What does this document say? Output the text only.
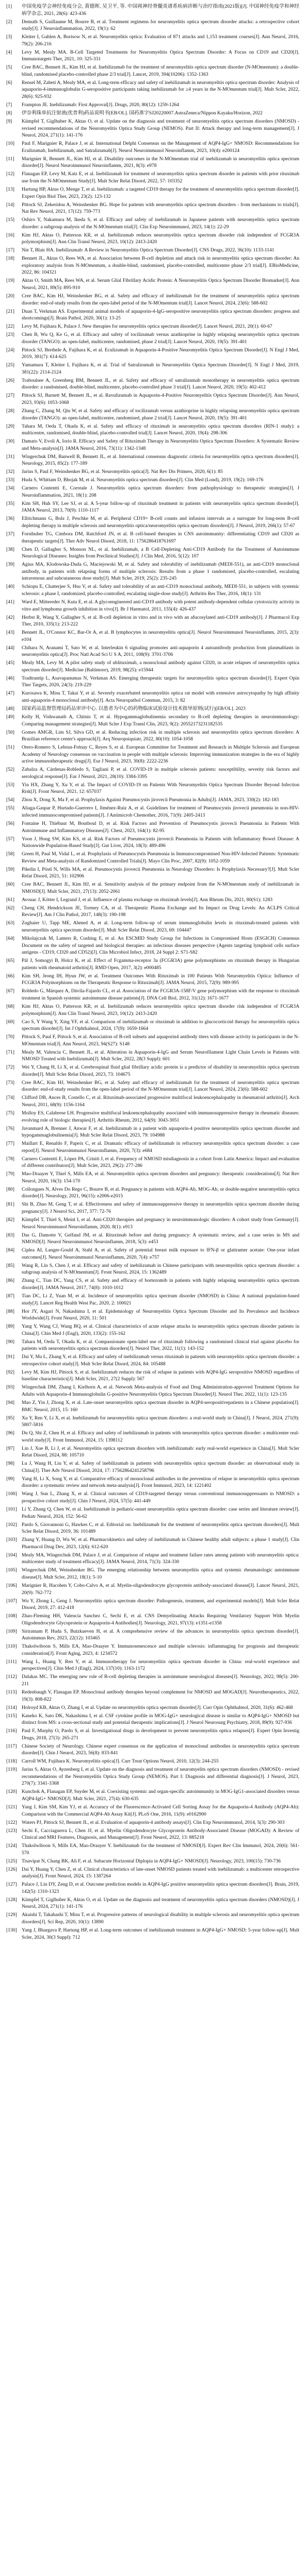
[1]	中国免疫学会神经免疫分会, 黄德晖, 吴卫平, 等. 中国视神经脊髓炎谱系疾病诊断与治疗指南(2021版)[J]. 中国神经免疫学和神经病学杂志, 2021, 28(6): 423-436
[2]	Demuth S, Guillaume M, Bourre B, et al. Treatment regimens for neuromyelitis optica spectrum disorder attacks: a retrospective cohort study[J]. J Neuroinflammation, 2022, 19(1): 62
[3]	Kleiter I, Gahlen A, Borisow N, et al. Neuromyelitis optica: Evaluation of 871 attacks and 1,153 treatment courses[J]. Ann Neurol, 2016, 79(2): 206-216
[4]	Levy M, Mealy MA. B-Cell Targeted Treatments for Neuromyelitis Optica Spectrum Disorder: A Focus on CD19 and CD20[J]. Immunotargets Ther, 2021, 10: 325-331
[5]	Cree BAC, Bennett JL, Kim HJ, et al. Inebilizumab for the treatment of neuromyelitis optica spectrum disorder (N-MOmentum): a double-blind, randomised placebo-controlled phase 2/3 trial[J]. Lancet, 2019, 394(10206): 1352-1363
[6]	Rensel M, Zabeti A, Mealy MA, et al. Long-term efficacy and safety of inebilizumab in neuromyelitis optica spectrum disorder: Analysis of aquaporin-4-immunoglobulin G-seropositive participants taking inebilizumab for ≥4 years in the N-MOmentum trial[J]. Mult Scler, 2022, 28(6): 925-932
[7]	Frampton JE. Inebilizumab: First Approval[J]. Drugs, 2020, 80(12): 1259-1264
[8]	伊奈利珠单抗注射液(优普利)药品说明书[EB/OL]. 国药准字SJ20220007.AstraZeneca/Nippon Kayaku/Horizon, 2022
[9]	Kümpfel T, Giglhuber K, Aktas O, et al. Update on the diagnosis and treatment of neuromyelitis optica spectrum disorders (NMOSD) - revised recommendations of the Neuromyelitis Optica Study Group (NEMOS). Part II: Attack therapy and long-term management[J]. J Neurol, 2024, 271(1): 141-176
[10]	Paul F, Marignier R, Palace J, et al. International Delphi Consensus on the Management of AQP4-IgG+ NMOSD: Recommendations for Eculizumab, Inebilizumab, and Satralizumab[J]. Neurol Neuroimmunol Neuroinflamm, 2023, 10(4): e200124
[11]	Marignier R, Bennett JL, Kim HJ, et al. Disability outcomes in the N-MOmentum trial of inebilizumab in neuromyelitis optica spectrum disorder[J]. Neurol Neuroimmunol Neuroinflamm, 2021, 8(3): e978
[12]	Flanagan EP, Levy M, Katz E, et al. Inebilizumab for treatment of neuromyelitis optica spectrum disorder in patients with prior rituximab use from the N-MOmentum Study[J]. Mult Scler Relat Disord, 2022, 57: 103352
[13]	Hartung HP, Aktas O, Menge T, et al. Inebilizumab: a targeted CD19 therapy for the treatment of neuromyelitis optica spectrum disorder[J]. Expert Opin Biol Ther, 2023, 23(2): 123-132
[14]	Pittock SJ, Zekeridou A, Weinshenker BG. Hope for patients with neuromyelitis optica spectrum disorders - from mechanisms to trials[J]. Nat Rev Neurol, 2021, 17(12): 759-773
[15]	Oshiro Y, Nakamura M, Ikeda S, et al. Efficacy and safety of inebilizumab in Japanese patients with neuromyelitis optica spectrum disorder: a subgroup analysis of the N-MOmentum trial[J]. Clin Exp Neuroimmunol, 2023, 14(1): 22-29
[16]	Kim HJ, Aktas O, Patterson KR, et al. Inebilizumab reduces neuromyelitis optica spectrum disorder risk independent of FCGR3A polymorphism[J]. Ann Clin Transl Neurol, 2023, 10(12): 2413-2420
[17]	Nie T, Blair HA. Inebilizumab: A Review in Neuromyelitis Optica Spectrum Disorder[J]. CNS Drugs, 2022, 36(10): 1133-1141
[18]	Bennett JL, Aktas O, Rees WA, et al. Association between B-cell depletion and attack risk in neuromyelitis optica spectrum disorder: An exploratory analysis from N-MOmentum, a double-blind, randomised, placebo-controlled, multicentre phase 2/3 trial[J]. EBioMedicine, 2022, 86: 104321
[19]	Aktas O, Smith MA, Rees WA, et al. Serum Glial Fibrillary Acidic Protein: A Neuromyelitis Optica Spectrum Disorder Biomarker[J]. Ann Neurol, 2021, 89(5): 895-910
[20]	Cree BAC, Kim HJ, Weinshenker BG, et al. Safety and efficacy of inebilizumab for the treatment of neuromyelitis optica spectrum disorder: end-of-study results from the open-label period of the N-MOmentum trial[J]. Lancet Neurol, 2024, 23(6): 588-602
[21]	Duan T, Verkman AS. Experimental animal models of aquaporin-4-IgG-seropositive neuromyelitis optica spectrum disorders: progress and shortcomings[J]. Brain Pathol, 2020, 30(1): 13-25
[22]	Levy M, Fujihara K, Palace J. New therapies for neuromyelitis optica spectrum disorder[J]. Lancet Neurol, 2021, 20(1): 60-67
[23]	Chen B, Wu Q, Ke G, et al. Efficacy and safety of tocilizumab versus azathioprine in highly relapsing neuromyelitis optica spectrum disorder (TANGO): an open-label, multicentre, randomised, phase 2 trial[J]. Lancet Neurol, 2020, 19(5): 391-401
[24]	Pittock SJ, Berthele A, Fujihara K, et al. Eculizumab in Aquaporin-4-Positive Neuromyelitis Optica Spectrum Disorder[J]. N Engl J Med, 2019, 381(7): 614-625
[25]	Yamamura T, Kleiter I, Fujihara K, et al. Trial of Satralizumab in Neuromyelitis Optica Spectrum Disorder[J]. N Engl J Med, 2019, 381(22): 2114-2124
[26]	Traboulsee A, Greenberg BM, Bennett JL, et al. Safety and efficacy of satralizumab monotherapy in neuromyelitis optica spectrum disorder: a randomised, double-blind, multicentre, placebo-controlled phase 3 trial[J]. Lancet Neurol, 2020, 19(5): 402-412
[27]	Pittock SJ, Barnett M, Bennett JL, et al. Ravulizumab in Aquaporin-4-Positive Neuromyelitis Optica Spectrum Disorder[J]. Ann Neurol, 2023, 93(6): 1053-1068
[28]	Zhang C, Zhang M, Qiu W, et al. Safety and efficacy of tocilizumab versus azathioprine in highly relapsing neuromyelitis optica spectrum disorder (TANGO): an open-label, multicentre, randomised, phase 2 trial[J]. Lancet Neurol, 2020, 19(5): 391-401
[29]	Tahara M, Oeda T, Okada K, et al. Safety and efficacy of rituximab in neuromyelitis optica spectrum disorders (RIN-1 study): a multicentre, randomised, double-blind, placebo-controlled trial[J]. Lancet Neurol, 2020, 19(4): 298-306
[30]	Damato V, Evoli A, Iorio R. Efficacy and Safety of Rituximab Therapy in Neuromyelitis Optica Spectrum Disorders: A Systematic Review and Meta-analysis[J]. JAMA Neurol, 2016, 73(11): 1342-1348
[31]	Wingerchuk DM, Banwell B, Bennett JL, et al. International consensus diagnostic criteria for neuromyelitis optica spectrum disorders[J]. Neurology, 2015, 85(2): 177-189
[32]	Jarius S, Paul F, Weinshenker BG, et al. Neuromyelitis optica[J]. Nat Rev Dis Primers, 2020, 6(1): 85
[33]	Huda S, Whittam D, Bhojak M, et al. Neuromyelitis optica spectrum disorders[J]. Clin Med (Lond), 2019, 19(2): 169-176
[34]	Carnero Contentti E, Correale J. Neuromyelitis optica spectrum disorders: from pathophysiology to therapeutic strategies[J]. J Neuroinflammation, 2021, 18(1): 208
[35]	Kim SH, Huh SY, Lee SJ, et al. A 5-year follow-up of rituximab treatment in patients with neuromyelitis optica spectrum disorder[J]. JAMA Neurol, 2013, 70(9): 1110-1117
[36]	Ellrichmann G, Bolz J, Peschke M, et al. Peripheral CD19+ B-cell counts and infusion intervals as a surrogate for long-term B-cell depleting therapy in multiple sclerosis and neuromyelitis optica/neuromyelitis optica spectrum disorders[J]. J Neurol, 2019, 266(1): 57-67
[37]	Forsthuber TG, Cimbora DM, Ratchford JN, et al. B cell-based therapies in CNS autoimmunity: differentiating CD19 and CD20 as therapeutic targets[J]. Ther Adv Neurol Disord, 2018, 11: 1756286418761697
[38]	Chen D, Gallagher S, Monson NL, et al. Inebilizumab, a B Cell-Depleting Anti-CD19 Antibody for the Treatment of Autoimmune Neurological Diseases: Insights from Preclinical Studies[J]. J Clin Med, 2016, 5(12): 107
[39]	Agius MA, Klodowska-Duda G, Maciejowski M, et al. Safety and tolerability of inebilizumab (MEDI-551), an anti-CD19 monoclonal antibody, in patients with relapsing forms of multiple sclerosis: Results from a phase 1 randomised, placebo-controlled, escalating intravenous and subcutaneous dose study[J]. Mult Scler, 2019, 25(2): 235-245
[40]	Schiopu E, Chatterjee S, Hsu V, et al. Safety and tolerability of an anti-CD19 monoclonal antibody, MEDI-551, in subjects with systemic sclerosis: a phase I, randomized, placebo-controlled, escalating single-dose study[J]. Arthritis Res Ther, 2016, 18(1): 131
[41]	Ward E, Mittereder N, Kuta E, et al. A glycoengineered anti-CD19 antibody with potent antibody-dependent cellular cytotoxicity activity in vitro and lymphoma growth inhibition in vivo[J]. Br J Haematol, 2011, 155(4): 426-437
[42]	Herbst R, Wang Y, Gallagher S, et al. B-cell depletion in vitro and in vivo with an afucosylated anti-CD19 antibody[J]. J Pharmacol Exp Ther, 2010, 335(1): 213-222
[43]	Bennett JL, O'Connor KC, Bar-Or A, et al. B lymphocytes in neuromyelitis optica[J]. Neurol Neuroimmunol Neuroinflamm, 2015, 2(3): e104
[44]	Chihara N, Aranami T, Sato W, et al. Interleukin 6 signaling promotes anti-aquaporin 4 autoantibody production from plasmablasts in neuromyelitis optica[J]. Proc Natl Acad Sci U S A, 2011, 108(9): 3701-3706
[45]	Mealy MA, Levy M. A pilot safety study of ublituximab, a monoclonal antibody against CD20, in acute relapses of neuromyelitis optica spectrum disorder[J]. Medicine (Baltimore), 2019, 98(25): e15944
[46]	Tradtrantip L, Asavapanumas N, Verkman AS. Emerging therapeutic targets for neuromyelitis optica spectrum disorder[J]. Expert Opin Ther Targets, 2020, 24(3): 219-229
[47]	Kurosawa K, Misu T, Takai Y, et al. Severely exacerbated neuromyelitis optica rat model with extensive astrocytopathy by high affinity anti-aquaporin-4 monoclonal antibody[J]. Acta Neuropathol Commun, 2015, 3: 82
[48]	国家药品监督管理局药品审评中心. 以患者为中心的药物临床试验设计技术指导原则(试行)[EB/OL]. 2023
[49]	Kelly H, Vishwanath A, Chitnis T, et al. Hypogammaglobulinemia secondary to B-cell depleting therapies in neuroimmunology: Comparing management strategies[J]. Mult Scler J Exp Transl Clin, 2023, 9(2): 20552173231182535
[50]	Gomes AMGR, Lim SJ, Silva GD, et al. Reducing infection risk in multiple sclerosis and neuromyelitis optica spectrum disorders: A Brazilian reference center's approach[J]. Arq Neuropsiquiatr, 2022, 80(10): 1054-1058
[51]	Otero-Romero S, Lebrun-Frénay C, Reyes S, et al. European Committee for Treatment and Research in Multiple Sclerosis and European Academy of Neurology consensus on vaccination in people with multiple sclerosis: Improving immunization strategies in the era of highly active immunotherapeutic drugs[J]. Eur J Neurol, 2023, 30(8): 2222-2236
[52]	Zabalza A, Cárdenas-Robledo S, Tagliani P, et al. COVID-19 in multiple sclerosis patients: susceptibility, severity risk factors and serological response[J]. Eur J Neurol, 2021, 28(10): 3384-3395
[53]	Yin HX, Zhang Y, Xu Y, et al. The Impact of COVID-19 on Patients With Neuromyelitis Optica Spectrum Disorder Beyond Infection Risk[J]. Front Neurol, 2021, 12: 657037
[54]	Zhou X, Dong X, Ma F, et al. Prophylaxis Against Pneumocystis jirovecii Pneumonia in Adults[J]. JAMA, 2023, 330(2): 182-183
[55]	Aliaga-Gaspar P, Hurtado-Guerrero I, Jiménez-Ruiz A, et al. Guidelines for treatment of Pneumocystis jirovecii pneumonia in non-HIV-infected immunocompromised patients[J]. J Antimicrob Chemother, 2016, 71(9): 2405-2413
[56]	Fontaine H, Thiébaut M, Boutboul D, et al. Risk Factors and Prevention of Pneumocystis jirovecii Pneumonia in Patients With Autoimmune and Inflammatory Diseases[J]. Chest, 2023, 164(1): 82-95
[57]	Yoon J, Hong SW, Kim KS, et al. Risk Factors of Pneumocystis jirovecii Pneumonia in Patients with Inflammatory Bowel Disease: A Nationwide Population-Based Study[J]. Gut Liver, 2024, 18(3): 489-496
[58]	Green H, Paul M, Vidal L, et al. Prophylaxis of Pneumocystis Pneumonia in Immunocompromised Non-HIV-Infected Patients: Systematic Review and Meta-analysis of Randomized Controlled Trials[J]. Mayo Clin Proc, 2007, 82(9): 1052-1059
[59]	Pikelin I, Pöstl N, Wills MA, et al. Pneumocystis jirovecii Pneumonia in Neurology Disorders: Is Prophylaxis Necessary?[J]. Mult Scler Relat Disord, 2021, 51: 102906
[60]	Cree BAC, Bennett JL, Kim HJ, et al. Sensitivity analysis of the primary endpoint from the N-MOmentum study of inebilizumab in NMOSD[J]. Mult Scler, 2021, 27(13): 2052-2061
[61]	Avouac J, Kötter I, Legrand J, et al. Influence of plasma exchange on rituximab levels[J]. Ann Rheum Dis, 2021, 80(S1): 1283
[62]	Cheng CH, Hendrickson JE, Tormey CA, et al. Therapeutic Plasma Exchange and Its Impact on Drug Levels: An ACLPS Critical Review[J]. Am J Clin Pathol, 2017, 148(3): 190-198
[63]	Zughaier U, Tapp ME, Ahmed A, et al. Long-term follow-up of serum immunoglobulin levels in rituximab-treated patients with neuromyelitis optica spectrum disorder[J]. Mult Scler Relat Disord, 2023, 69: 104447
[64]	Mikolajczak M, Lamers R, Cushing E, et al. An ESCMID Study Group for Infections in Compromised Hosts (ESGICH) Consensus Document on the safety of targeted and biological therapies: an infectious diseases perspective (Agents targeting lymphoid cells surface antigens - CD19, CD20 and CD52)[J]. Clin Microbiol Infect, 2018, 24 Suppl 2: S71-S82
[65]	Pál J, Somogyi B, Holcz K, et al. Effect of Fcgamma-receptor 3a (FCGR3A) gene polymorphisms on rituximab therapy in Hungarian patients with rheumatoid arthritis[J]. RMD Open, 2017, 3(2): e000485
[66]	Kim SH, Jeong IH, Hyun JW, et al. Treatment Outcomes With Rituximab in 100 Patients With Neuromyelitis Optica: Influence of FCGR3A Polymorphisms on the Therapeutic Response to Rituximab[J]. JAMA Neurol, 2015, 72(9): 989-995
[67]	Robledo G, Márquez A, Dávila-Fajardo CL, et al. Association of the FCGR3A-158F/V gene polymorphism with the response to rituximab treatment in Spanish systemic autoimmune disease patients[J]. DNA Cell Biol, 2012, 31(12): 1671-1677
[68]	Kim HJ, Aktas O, Patterson KR, et al. Inebilizumab reduces neuromyelitis optica spectrum disorder risk independent of FCGR3A polymorphism[J]. Ann Clin Transl Neurol, 2023, 10(12): 2413-2420
[69]	Cao S, Y Wang Y, Xing YF, et al. Comparison of inebilizumab or rituximab in addition to glucocorticoid therapy for neuromyelitis optica spectrum disorder[J]. Int J Ophthalmol, 2024, 17(9): 1659-1664
[70]	Pittock S, Paul F, Pittock S, et al. Association of B-cell subsets and aquaporin4 antibody titers with disease activity in participants in the N-MOmentum trial[J]. Ann Neurol, 2023, 94(S27): S148
[71]	Mealy M, Valencia C, Bennett JL, et al. Alteration in Aquaporin-4-IgG and Serum Neurofilament Light Chain Levels in Patients with NMOSD Treated with Inebilizumab[J]. Mult Scler, 2022, 28(3 Suppl): 601
[72]	Wei Y, Chang H, Li X, et al. Cerebrospinal fluid glial fibrillary acidic protein is a predictor of disability in neuromyelitis optica spectrum disorder[J]. Mult Scler Relat Disord, 2023, 73: 104675
[73]	Cree BAC, Kim HJ, Weinshenker BG, et al. Safety and efficacy of inebilizumab for the treatment of neuromyelitis optica spectrum disorder: end-of-study results from the open-label period of the N-MOmentum trial[J]. Lancet Neurol, 2024, 23(6): 588-602
[74]	Clifford DB, Ances B, Costello C, et al. Rituximab-associated progressive multifocal leukoencephalopathy in rheumatoid arthritis[J]. Arch Neurol, 2011, 68(9): 1156-1164
[75]	Molloy ES, Calabrese LH. Progressive multifocal leukoencephalopathy associated with immunosuppressive therapy in rheumatic diseases: evolving role of biologic therapies[J]. Arthritis Rheum, 2012, 64(9): 3043-3051
[76]	Javanmard A, Brenner J, Anwar F, et al. Inebilizumab in a patient with aquaporin-4 positive neuromyelitis optica spectrum disorder and hypogammaglobulinemia[J]. Mult Scler Relat Disord, 2023, 79: 104988
[77]	Maillart E, Renaldo F, Papeix C, et al. Dramatic efficacy of inebilizumab in refractory neuromyelitis optica spectrum disorder: a case report[J]. Neurol Neuroimmunol Neuroinflamm, 2020, 7(3): e684
[78]	Carnero Contentti E, López PA, Criniti J, et al. Frequency of NMOSD misdiagnosis in a cohort from Latin America: Impact and evaluation of different contributors[J]. Mult Scler, 2023, 29(2): 277-286
[79]	Mao-Draayer Y, Thiel S, Mills EA, et al. Neuromyelitis optica spectrum disorders and pregnancy: therapeutic considerations[J]. Nat Rev Neurol, 2020, 16(3): 154-170
[80]	Collongues N, Alves Do Rego C, Bourre B, et al. Pregnancy in patients with AQP4-Ab, MOG-Ab, or double-negative neuromyelitis optica disorder[J]. Neurology, 2021, 96(15): e2006-e2015
[81]	Shi B, Zhao M, Geng T, et al. Effectiveness and safety of immunosuppressive therapy in neuromyelitis optica spectrum disorder during pregnancy[J]. J Neurol Sci, 2017, 377: 72-76
[82]	Kümpfel T, Thiel S, Meinl I, et al. Anti-CD20 therapies and pregnancy in neuroimmunologic disorders: A cohort study from Germany[J]. Neurol Neuroimmunol Neuroinflamm, 2020, 8(1): e913
[83]	Das G, Damotte V, Gelfand JM, et al. Rituximab before and during pregnancy: A systematic review, and a case series in MS and NMOSD[J]. Neurol Neuroimmunol Neuroinflamm, 2018, 5(3): e453
[84]	Ciplea AI, Langer-Gould A, Stahl A, et al. Safety of potential breast milk exposure to IFN-β or glatiramer acetate: One-year infant outcomes[J]. Neurol Neuroimmunol Neuroinflamm, 2020, 7(4): e757
[85]	Wang R, Lin S, Chen J, et al. Efficacy and safety of inebilizumab in Chinese participants with neuromyelitis optica spectrum disorder: a subgroup analysis of N-MOmentum[J]. Front Neurol, 2024, 15: 1362489
[86]	Zhang C, Tian DC, Yang CS, et al. Safety and efficacy of bortezomib in patients with highly relapsing neuromyelitis optica spectrum disorder[J]. JAMA Neurol, 2017, 74(8): 1010-1012
[87]	Tian DC, Li Z, Yuan M, et al. Incidence of neuromyelitis optica spectrum disorder (NMOSD) in China: A national population-based study[J]. Lancet Reg Health West Pac, 2020, 2: 100021
[88]	Hor JY, Asgari N, Nakashima I, et al. Epidemiology of Neuromyelitis Optica Spectrum Disorder and Its Prevalence and Incidence Worldwide[J]. Front Neurol, 2020, 11: 501
[89]	Yang Y, Wang CJ, Wang BQ, et al. Clinical characteristics of acute relapse attacks in neuromyelitis optica spectrum disorder patients in China[J]. Chin Med J (Engl), 2020, 133(2): 155-162
[90]	Tahara M, Oeda T, Okada K, et al. Compassionate open-label use of rituximab following a randomised clinical trial against placebo for patients with neuromyelitis optica spectrum disorders[J]. Neurol Ther, 2022, 11(1): 143-152
[91]	Dai Y, Ma L, Zhang Y, et al. Efficacy and safety of inebilizumab versus rituximab in patients with neuromyelitis optica spectrum disorder: a retrospective cohort study[J]. Mult Scler Relat Disord, 2024, 84: 105488
[92]	Levy M, Kim HJ, Pittock S, et al. Inebilizumab reduces the risk of relapse in patients with AQP4-IgG seropositive NMOSD regardless of baseline characteristics[J]. Mult Scler, 2021, 27(2 Suppl): 567
[93]	Wingerchuk DM, Zhang I, Kielhorn A, et al. Network Meta-analysis of Food and Drug Administration-approved Treatment Options for Adults with Aquaporin-4 Immunoglobulin G-positive Neuromyelitis Optica Spectrum Disorder[J]. Neurol Ther, 2022, 11(1): 123-135
[94]	Mao Z, Yin J, Zhong X, et al. Late-onset neuromyelitis optica spectrum disorder in AQP4-seropositivepatients in a Chinese population[J]. BMC Neurol, 2015, 15: 160
[95]	Xu Y, Ren Y, Li X, et al. Inebilizumab for neuromyelitis optica spectrum disorders: a real-world study in China[J]. J Neurol, 2024, 271(9): 5807-5816
[96]	Du Q, Shi Z, Chen H, et al. Efficacy and safety of inebilizumab in patients with neuromyelitis optica spectrum disorder: a multicenter real-world study[J]. Front Immunol, 2024, 15: 1398112
[97]	Lin J, Xue B, Li J, et al. Neuromyelitis optica spectrum disorders with inebilizumab: early real-world experience in China[J]. Mult Scler Relat Disord, 2024, 88: 105710
[98]	Lu J, Wang H, Liu Y, et al. Safety of inebilizumab in patients with neuromyelitis optica spectrum disorder: an observational study in China[J]. Ther Adv Neurol Disord, 2024, 17: 17562864241258796
[99]	Yang H, Li X, Song Y, et al. Comparative efficacy of monoclonal antibodies in the prevention of relapse in neuromyelitis optica spectrum disorder: a systematic review and network meta-analysis[J]. Front Immunol, 2023, 14: 1221402
[100] Wang J, Sun L, Zhang X, et al. Clinical outcomes of CD19-targeted therapy versus conventional immunosuppressants in NMOSD: a prospective cohort study[J]. Chin J Neurol, 2024, 57(5): 441-449
[101] Li Y, Zhang Q, Chen W, et al. Inebilizumab in pediatric-onset neuromyelitis optica spectrum disorder: case series and literature review[J]. Pediatr Neurol, 2024, 152: 56-62
[102] Pardo S, Giovannoni G, Hawkes C, et al. Editorial on: Inebilizumab for the treatment of neuromyelitis optica spectrum disorders[J]. Mult Scler Relat Disord, 2019, 36: 101489
[103] Zhang Y, Huang D, Wu W, et al. Pharmacokinetics and safety of inebilizumab in Chinese healthy adult subjects: a phase 1 study[J]. Clin Pharmacol Drug Dev, 2023, 12(6): 612-620
[104] Mealy MA, Wingerchuk DM, Palace J, et al. Comparison of relapse and treatment failure rates among patients with neuromyelitis optica: multicenter study of treatment efficacy[J]. JAMA Neurol, 2014, 71(3): 324-330
[105] Wingerchuk DM, Weinshenker BG. The emerging relationship between neuromyelitis optica and systemic rheumatologic autoimmune disease[J]. Mult Scler, 2012, 18(1): 5-10
[106] Marignier R, Hacohen Y, Cobo-Calvo A, et al. Myelin-oligodendrocyte glycoprotein antibody-associated disease[J]. Lancet Neurol, 2021, 20(9): 762-772
[107] Wu Y, Zhong L, Geng J. Neuromyelitis optica spectrum disorder: Pathogenesis, treatment, and experimental models[J]. Mult Scler Relat Disord, 2019, 27: 412-418
[108] Zhao-Fleming HH, Valencia Sanchez C, Sechi E, et al. CNS Demyelinating Attacks Requiring Ventilatory Support With Myelin Oligodendrocyte Glycoprotein or Aquaporin-4 Antibodies[J]. Neurology, 2021, 97(13): e1351-e1358
[109] Siriratnam P, Huda S, Butzkueven H, et al. A comprehensive review of the advances in neuromyelitis optica spectrum disorder[J]. Autoimmun Rev, 2023, 22(12): 103465
[110] Thakolwiboon S, Mills EA, Mao-Draayer Y. Immunosenescence and multiple sclerosis: inflammaging for prognosis and therapeutic consideration[J]. Front Aging, 2023, 4: 1234572
[111]	Wang L, Huang Y, Ren Y, et al. Immunotherapy for neuromyelitis optica spectrum disorder in China: real-world experience and perspectives[J]. Chin Med J (Engl), 2024, 137(10): 1163-1172
[112] Dalakas MC. The emerging new role of B-cell depleting therapies in autoimmune neurological diseases[J]. Neurology, 2022, 98(5): 200-211
[113] Redenbaugh V, Flanagan EP. Monoclonal antibody therapies beyond complement for NMOSD and MOGAD[J]. Neurotherapeutics, 2022, 19(3): 808-822
[114] Holroyd KB, Aktas O, Zhang I, et al. Update on neuromyelitis optica spectrum disorder[J]. Curr Opin Ophthalmol, 2020, 31(6): 462-468
[115] Kaneko K, Sato DK, Nakashima I, et al. CSF cytokine profile in MOG-IgG+ neurological disease is similar to AQP4-IgG+ NMOSD but distinct from MS: a cross-sectional study and potential therapeutic implications[J]. J Neurol Neurosurg Psychiatry, 2018, 89(9): 927-936
[116] Paul F, Murphy O, Pardo S, et al. Investigational drugs in development to prevent neuromyelitis optica relapses[J]. Expert Opin Investig Drugs, 2018, 27(3): 265-271
[117] Chinese Society of Neurology. Chinese expert consensus on the application of monoclonal antibodies in neuromyelitis optica spectrum disorder[J]. Chin J Neurol, 2023, 56(8): 833-841
[118] Carroll WM, Fujihara K. Neuromyelitis optica[J]. Curr Treat Options Neurol, 2010, 12(3): 244-255
[119] Jarius S, Aktas O, Ayzenberg I, et al. Update on the diagnosis and treatment of neuromyelits optica spectrum disorders (NMOSD) - revised recommendations of the Neuromyelitis Optica Study Group (NEMOS). Part I: Diagnosis and differential diagnosis[J]. J Neurol, 2023, 270(7): 3341-3368
[120] Kunchok A, Flanagan EP, Snyder M, et al. Coexisting systemic and organ-specific autoimmunity in MOG-IgG1-associated disorders versus AQP4-IgG+ NMOSD[J]. Mult Scler, 2021, 27(4): 630-635
[121] Yang J, Kim SM, Kim YJ, et al. Accuracy of the Fluorescence-Activated Cell Sorting Assay for the Aquaporin-4 Antibody (AQP4-Ab): Comparison with the Commercial AQP4-Ab Assay Kit[J]. PLoS One, 2016, 11(9): e0162900
[122] Waters PJ, Pittock SJ, Bennett JL, et al. Evaluation of aquaporin-4 antibody assays[J]. Clin Exp Neuroimmunol, 2014, 5(3): 290-303
[123] Sechi E, Cacciaguerra L, Chen JJ, et al. Myelin Oligodendrocyte Glycoprotein Antibody-Associated Disease (MOGAD): A Review of Clinical and MRI Features, Diagnosis, and Management[J]. Front Neurol, 2022, 13: 885218
[124] Thakolwiboon S, Mills EA, Mao-Draayer Y. Inebilizumab for the treatment of NMOSD[J]. Expert Rev Clin Immunol, 2024, 20(6): 561-570
[125] Tisavipat N, Chang BK, Ali F, et al. Subacute Horizontal Diplopia in AQP4-IgG+ NMOSD[J]. Neurology, 2023, 100(15): 730-736
[126] Dai Y, Huang Y, Chen Z, et al. Clinical characteristics of late-onset NMOSD patients treated with inebilizumab: a multicenter retrospective analysis[J]. Front Neurol, 2024, 15: 1387264
[127] Palace J, Lin DY, Zeng D, et al. Outcome prediction models in AQP4-IgG positive neuromyelitis optica spectrum disorders[J]. Brain, 2019, 142(5): 1310-1323
[128] Kümpfel T, Giglhuber K, Aktas O, et al. Update on the diagnosis and treatment of neuromyelitis optica spectrum disorders (NMOSD)[J]. J Neurol, 2024, 271(1): 141-176
[129] Akaishi T, Takahashi T, Misu T, et al. Progressive patterns of neurological disability in multiple sclerosis and neuromyelitis optica spectrum disorders[J]. Sci Rep, 2020, 10(1): 13890
[130] Yang J, Bhargava P, Hartung HP, et al. Long-term outcomes of inebilizumab treatment in AQP4-IgG+ NMOSD: 5-year follow-up[J]. Mult Scler, 2024, 30(3 Suppl): 712
